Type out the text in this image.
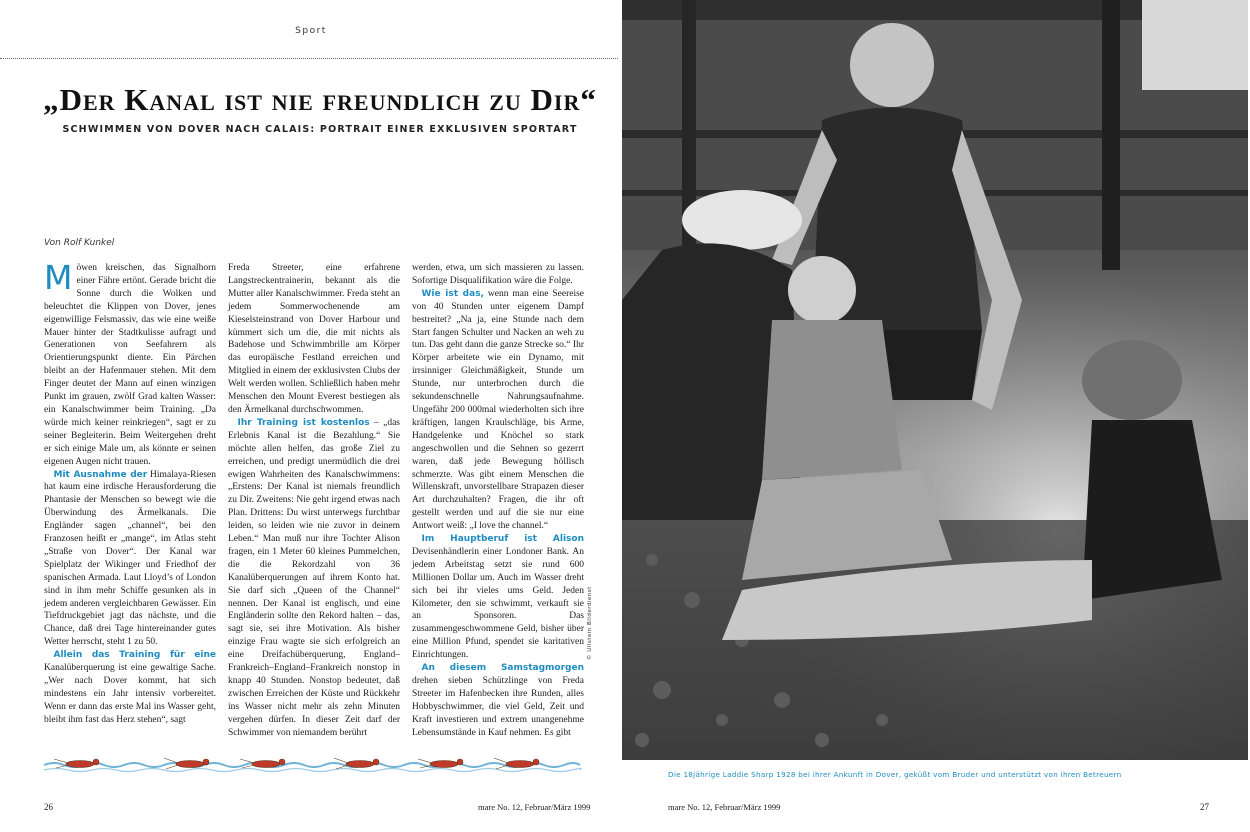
Sport
„Der Kanal ist nie freundlich zu Dir“
SCHWIMMEN VON DOVER NACH CALAIS: PORTRAIT EINER EXKLUSIVEN SPORTART
Von Rolf Kunkel

Möwen kreischen, das Signalhorn einer Fähre ertönt. Gerade bricht die Sonne durch die Wolken und beleuchtet die Klippen von Dover, jenes eigenwillige Felsmassiv, das wie eine weiße Mauer hinter der Stadtkulisse aufragt und Generationen von Seefahrern als Orientierungspunkt diente. Ein Pärchen bleibt an der Hafenmauer stehen. Mit dem Finger deutet der Mann auf einen winzigen Punkt im grauen, zwölf Grad kalten Wasser: ein Kanalschwimmer beim Training. „Da würde mich keiner reinkriegen“, sagt er zu seiner Begleiterin. Beim Weitergehen dreht er sich einige Male um, als könnte er seinen eigenen Augen nicht trauen.

 Mit Ausnahme der Himalaya-Riesen hat kaum eine irdische Herausforderung die Phantasie der Menschen so bewegt wie die Überwindung des Ärmelkanals. Die Engländer sagen „channel“, bei den Franzosen heißt er „mange“, im Atlas steht „Straße von Dover“. Der Kanal war Spielplatz der Wikinger und Friedhof der spanischen Armada. Laut Lloyd’s of London sind in ihm mehr Schiffe gesunken als in jedem anderen vergleichbaren Gewässer. Ein Tiefdruckgebiet jagt das nächste, und die Chance, daß drei Tage hintereinander gutes Wetter herrscht, steht 1 zu 50.

 Allein das Training für eine Kanalüberquerung ist eine gewaltige Sache. „Wer nach Dover kommt, hat sich mindestens ein Jahr intensiv vorbereitet. Wenn er dann das erste Mal ins Wasser geht, bleibt ihm fast das Herz stehen“, sagt

Freda Streeter, eine erfahrene Langstreckentrainerin, bekannt als die Mutter aller Kanalschwimmer. Freda steht an jedem Sommerwochenende am Kieselsteinstrand von Dover Harbour und kümmert sich um die, die mit nichts als Badehose und Schwimmbrille am Körper das europäische Festland erreichen und Mitglied in einem der exklusivsten Clubs der Welt werden wollen. Schließlich haben mehr Menschen den Mount Everest bestiegen als den Ärmelkanal durchschwommen.

 Ihr Training ist kostenlos – „das Erlebnis Kanal ist die Bezahlung.“ Sie möchte allen helfen, das große Ziel zu erreichen, und predigt unermüdlich die drei ewigen Wahrheiten des Kanalschwimmens: „Erstens: Der Kanal ist niemals freundlich zu Dir. Zweitens: Nie geht irgend etwas nach Plan. Drittens: Du wirst unterwegs furchtbar leiden, so leiden wie nie zuvor in deinem Leben.“ Man muß nur ihre Tochter Alison fragen, ein 1 Meter 60 kleines Pummelchen, die die Rekordzahl von 36 Kanalüberquerungen auf ihrem Konto hat. Sie darf sich „Queen of the Channel“ nennen. Der Kanal ist englisch, und eine Engländerin sollte den Rekord halten – das, sagt sie, sei ihre Motivation. Als bisher einzige Frau wagte sie sich erfolgreich an eine Dreifachüberquerung, England–Frankreich–England–Frankreich nonstop in knapp 40 Stunden. Nonstop bedeutet, daß zwischen Erreichen der Küste und Rückkehr ins Wasser nicht mehr als zehn Minuten vergehen dürfen. In dieser Zeit darf der Schwimmer von niemandem berührt

werden, etwa, um sich massieren zu lassen. Sofortige Disqualifikation wäre die Folge.

 Wie ist das, wenn man eine Seereise von 40 Stunden unter eigenem Dampf bestreitet? „Na ja, eine Stunde nach dem Start fangen Schulter und Nacken an weh zu tun. Das geht dann die ganze Strecke so.“ Ihr Körper arbeitete wie ein Dynamo, mit irrsinniger Gleichmäßigkeit, Stunde um Stunde, nur unterbrochen durch die sekundenschnelle Nahrungsaufnahme. Ungefähr 200 000mal wiederholten sich ihre kräftigen, langen Kraulschläge, bis Arme, Handgelenke und Knöchel so stark angeschwollen und die Sehnen so gezerrt waren, daß jede Bewegung höllisch schmerzte. Was gibt einem Menschen die Willenskraft, unvorstellbare Strapazen dieser Art durchzuhalten? Fragen, die ihr oft gestellt werden und auf die sie nur eine Antwort weiß: „I love the channel.“

 Im Hauptberuf ist Alison Devisenhändlerin einer Londoner Bank. An jedem Arbeitstag setzt sie rund 600 Millionen Dollar um. Auch im Wasser dreht sich bei ihr vieles ums Geld. Jeden Kilometer, den sie schwimmt, verkauft sie an Sponsoren. Das zusammengeschwommene Geld, bisher über eine Million Pfund, spendet sie karitativen Einrichtungen.

 An diesem Samstagmorgen drehen sieben Schützlinge von Freda Streeter im Hafenbecken ihre Runden, alles Hobbyschwimmer, die viel Geld, Zeit und Kraft investieren und extrem unangenehme Lebensumstände in Kauf nehmen. Es gibt

© Ullstein Bilderdienst
26	mare No. 12, Februar/März 1999
Die 18jährige Laddie Sharp 1928 bei ihrer Ankunft in Dover, geküßt vom Bruder und unterstützt von ihren Betreuern
mare No. 12, Februar/März 1999	27
